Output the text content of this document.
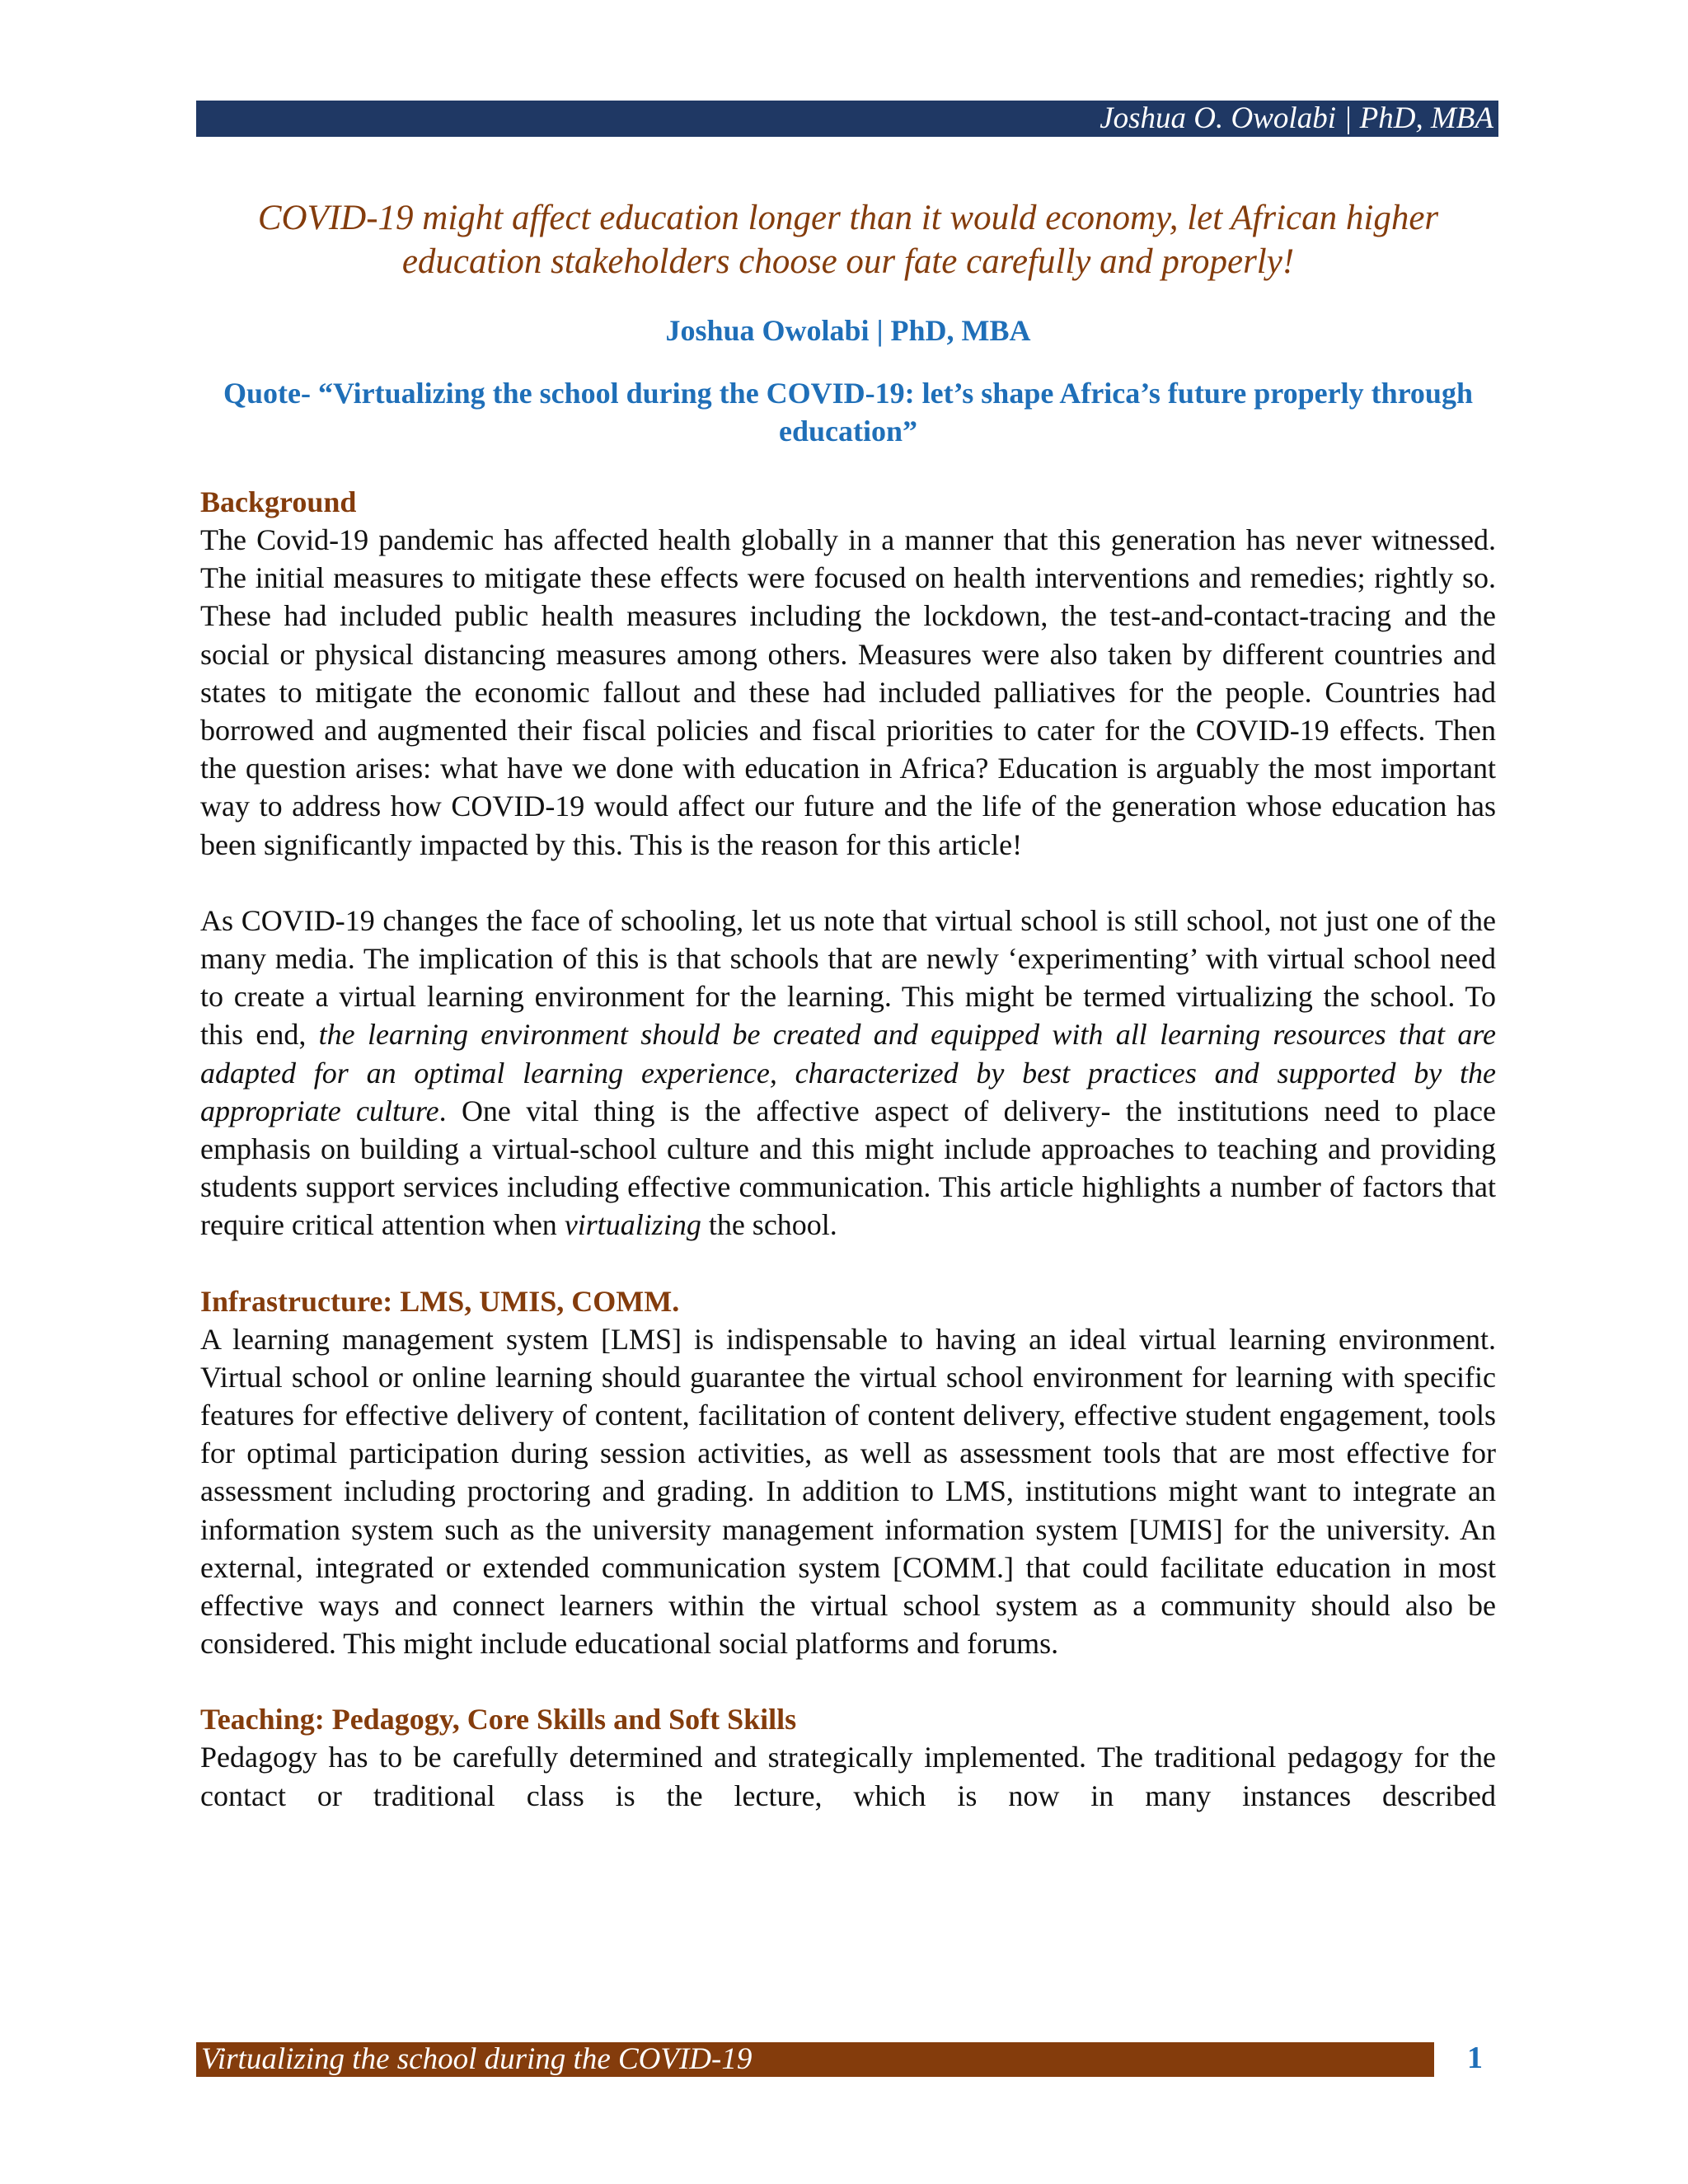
Joshua O. Owolabi | PhD, MBA
COVID-19 might affect education longer than it would economy, let African higher education stakeholders choose our fate carefully and properly!
Joshua Owolabi | PhD, MBA
Quote- “Virtualizing the school during the COVID-19: let’s shape Africa’s future properly through education”
Background

The Covid-19 pandemic has affected health globally in a manner that this generation has never witnessed. The initial measures to mitigate these effects were focused on health interventions and remedies; rightly so. These had included public health measures including the lockdown, the test-and-contact-tracing and the social or physical distancing measures among others. Measures were also taken by different countries and states to mitigate the economic fallout and these had included palliatives for the people. Countries had borrowed and augmented their fiscal policies and fiscal priorities to cater for the COVID-19 effects. Then the question arises: what have we done with education in Africa? Education is arguably the most important way to address how COVID-19 would affect our future and the life of the generation whose education has been significantly impacted by this. This is the reason for this article!

As COVID-19 changes the face of schooling, let us note that virtual school is still school, not just one of the many media. The implication of this is that schools that are newly ‘experimenting’ with virtual school need to create a virtual learning environment for the learning. This might be termed virtualizing the school. To this end, the learning environment should be created and equipped with all learning resources that are adapted for an optimal learning experience, characterized by best practices and supported by the appropriate culture. One vital thing is the affective aspect of delivery- the institutions need to place emphasis on building a virtual-school culture and this might include approaches to teaching and providing students support services including effective communication. This article highlights a number of factors that require critical attention when virtualizing the school.

Infrastructure: LMS, UMIS, COMM.

A learning management system [LMS] is indispensable to having an ideal virtual learning environment. Virtual school or online learning should guarantee the virtual school environment for learning with specific features for effective delivery of content, facilitation of content delivery, effective student engagement, tools for optimal participation during session activities, as well as assessment tools that are most effective for assessment including proctoring and grading. In addition to LMS, institutions might want to integrate an information system such as the university management information system [UMIS] for the university. An external, integrated or extended communication system [COMM.] that could facilitate education in most effective ways and connect learners within the virtual school system as a community should also be considered. This might include educational social platforms and forums.

Teaching: Pedagogy, Core Skills and Soft Skills

Pedagogy has to be carefully determined and strategically implemented. The traditional pedagogy for the contact or traditional class is the lecture, which is now in many instances described

Virtualizing the school during the COVID-19	1
